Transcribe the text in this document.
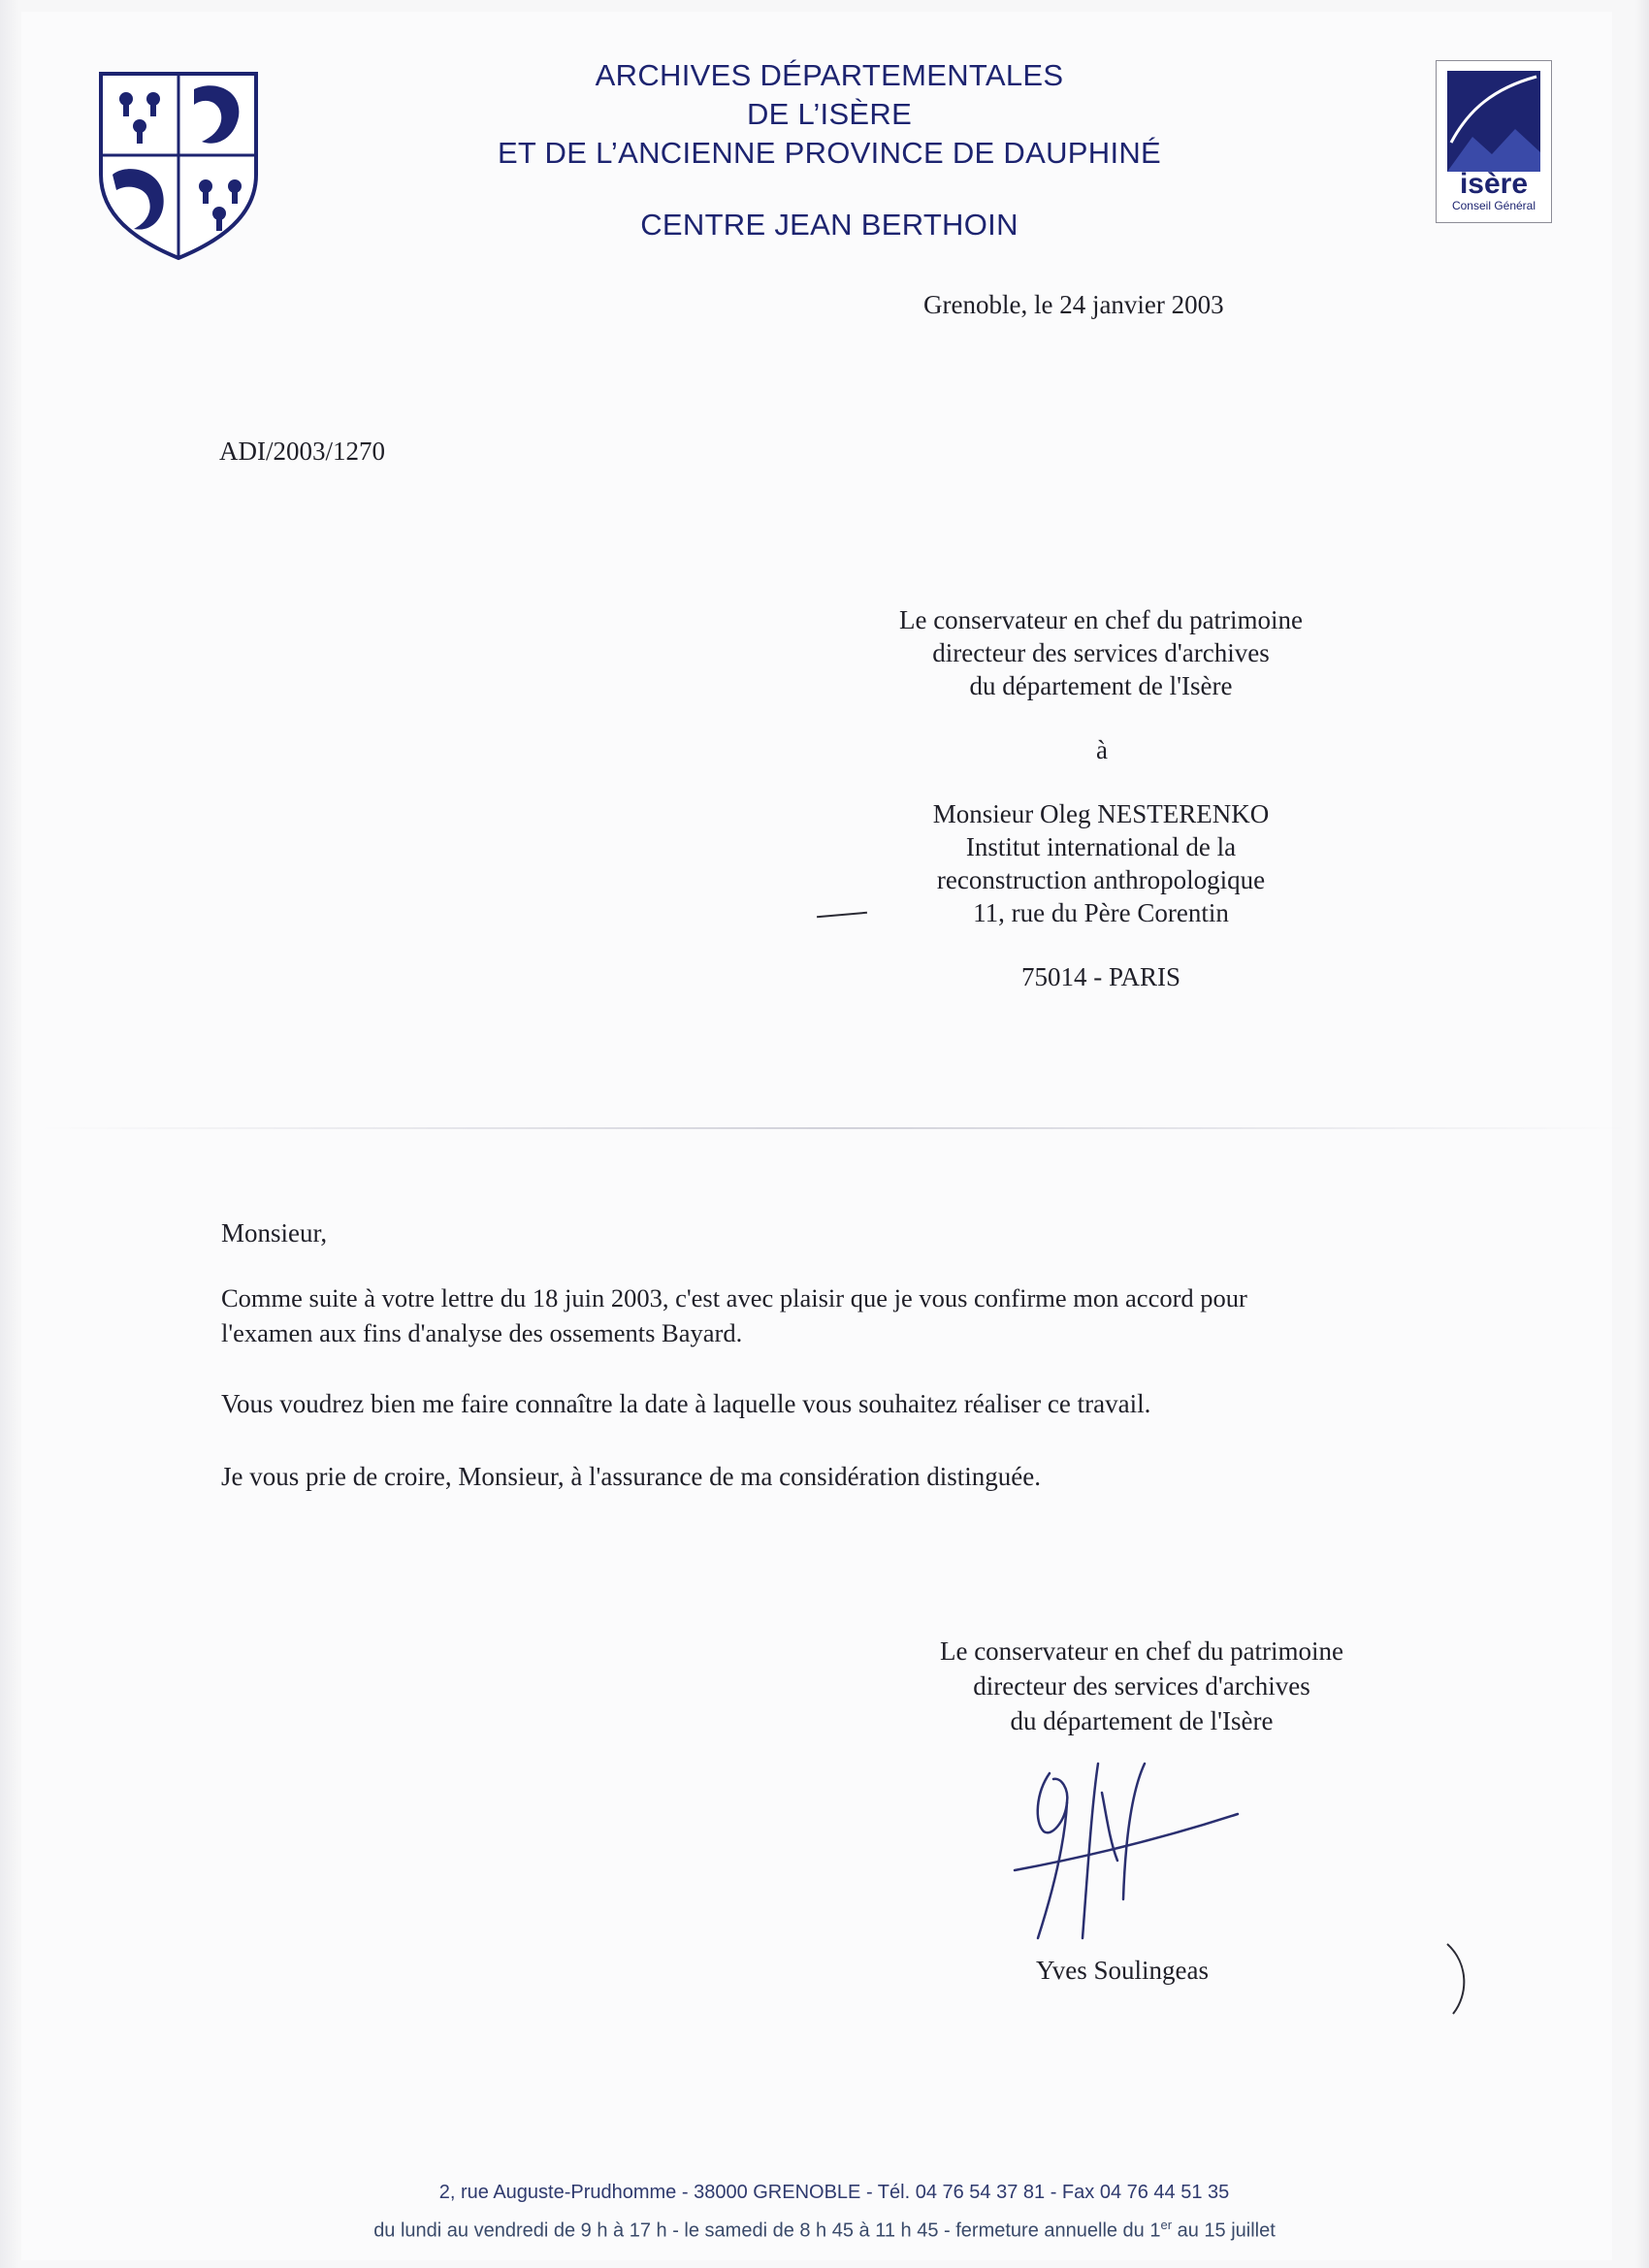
ARCHIVES DÉPARTEMENTALES
DE L’ISÈRE
ET DE L’ANCIENNE PROVINCE DE DAUPHINÉ
CENTRE JEAN BERTHOIN
isère
Conseil Général
Grenoble, le 24 janvier 2003
ADI/2003/1270
Le conservateur en chef du patrimoine
directeur des services d'archives
du département de l'Isère
à
Monsieur Oleg NESTERENKO
Institut international de la
reconstruction anthropologique
11, rue du Père Corentin
75014 - PARIS
Monsieur,
Comme suite à votre lettre du 18 juin 2003, c'est avec plaisir que je vous confirme mon accord pour
l'examen aux fins d'analyse des ossements Bayard.
Vous voudrez bien me faire connaître la date à laquelle vous souhaitez réaliser ce travail.
Je vous prie de croire, Monsieur, à l'assurance de ma considération distinguée.
Le conservateur en chef du patrimoine
directeur des services d'archives
du département de l'Isère
Yves Soulingeas
2, rue Auguste-Prudhomme - 38000 GRENOBLE - Tél. 04 76 54 37 81 - Fax 04 76 44 51 35
du lundi au vendredi de 9 h à 17 h - le samedi de 8 h 45 à 11 h 45 - fermeture annuelle du 1er au 15 juillet
